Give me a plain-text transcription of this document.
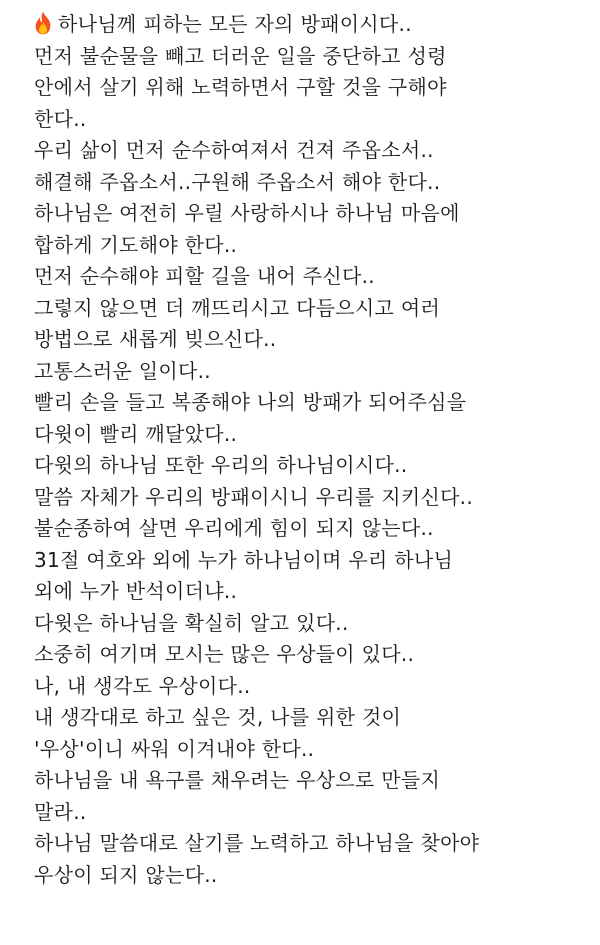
하나님께 피하는 모든 자의 방패이시다..
먼저 불순물을 빼고 더러운 일을 중단하고 성령
안에서 살기 위해 노력하면서 구할 것을 구해야
한다..
우리 삶이 먼저 순수하여져서 건져 주옵소서..
해결해 주옵소서..구원해 주옵소서 해야 한다..
하나님은 여전히 우릴 사랑하시나 하나님 마음에
합하게 기도해야 한다..
먼저 순수해야 피할 길을 내어 주신다..
그렇지 않으면 더 깨뜨리시고 다듬으시고 여러
방법으로 새롭게 빚으신다..
고통스러운 일이다..
빨리 손을 들고 복종해야 나의 방패가 되어주심을
다윗이 빨리 깨달았다..
다윗의 하나님 또한 우리의 하나님이시다..
말씀 자체가 우리의 방패이시니 우리를 지키신다..
불순종하여 살면 우리에게 힘이 되지 않는다..
31절 여호와 외에 누가 하나님이며 우리 하나님
외에 누가 반석이더냐..
다윗은 하나님을 확실히 알고 있다..
소중히 여기며 모시는 많은 우상들이 있다..
나, 내 생각도 우상이다..
내 생각대로 하고 싶은 것, 나를 위한 것이
'우상'이니 싸워 이겨내야 한다..
하나님을 내 욕구를 채우려는 우상으로 만들지
말라..
하나님 말씀대로 살기를 노력하고 하나님을 찾아야
우상이 되지 않는다..
